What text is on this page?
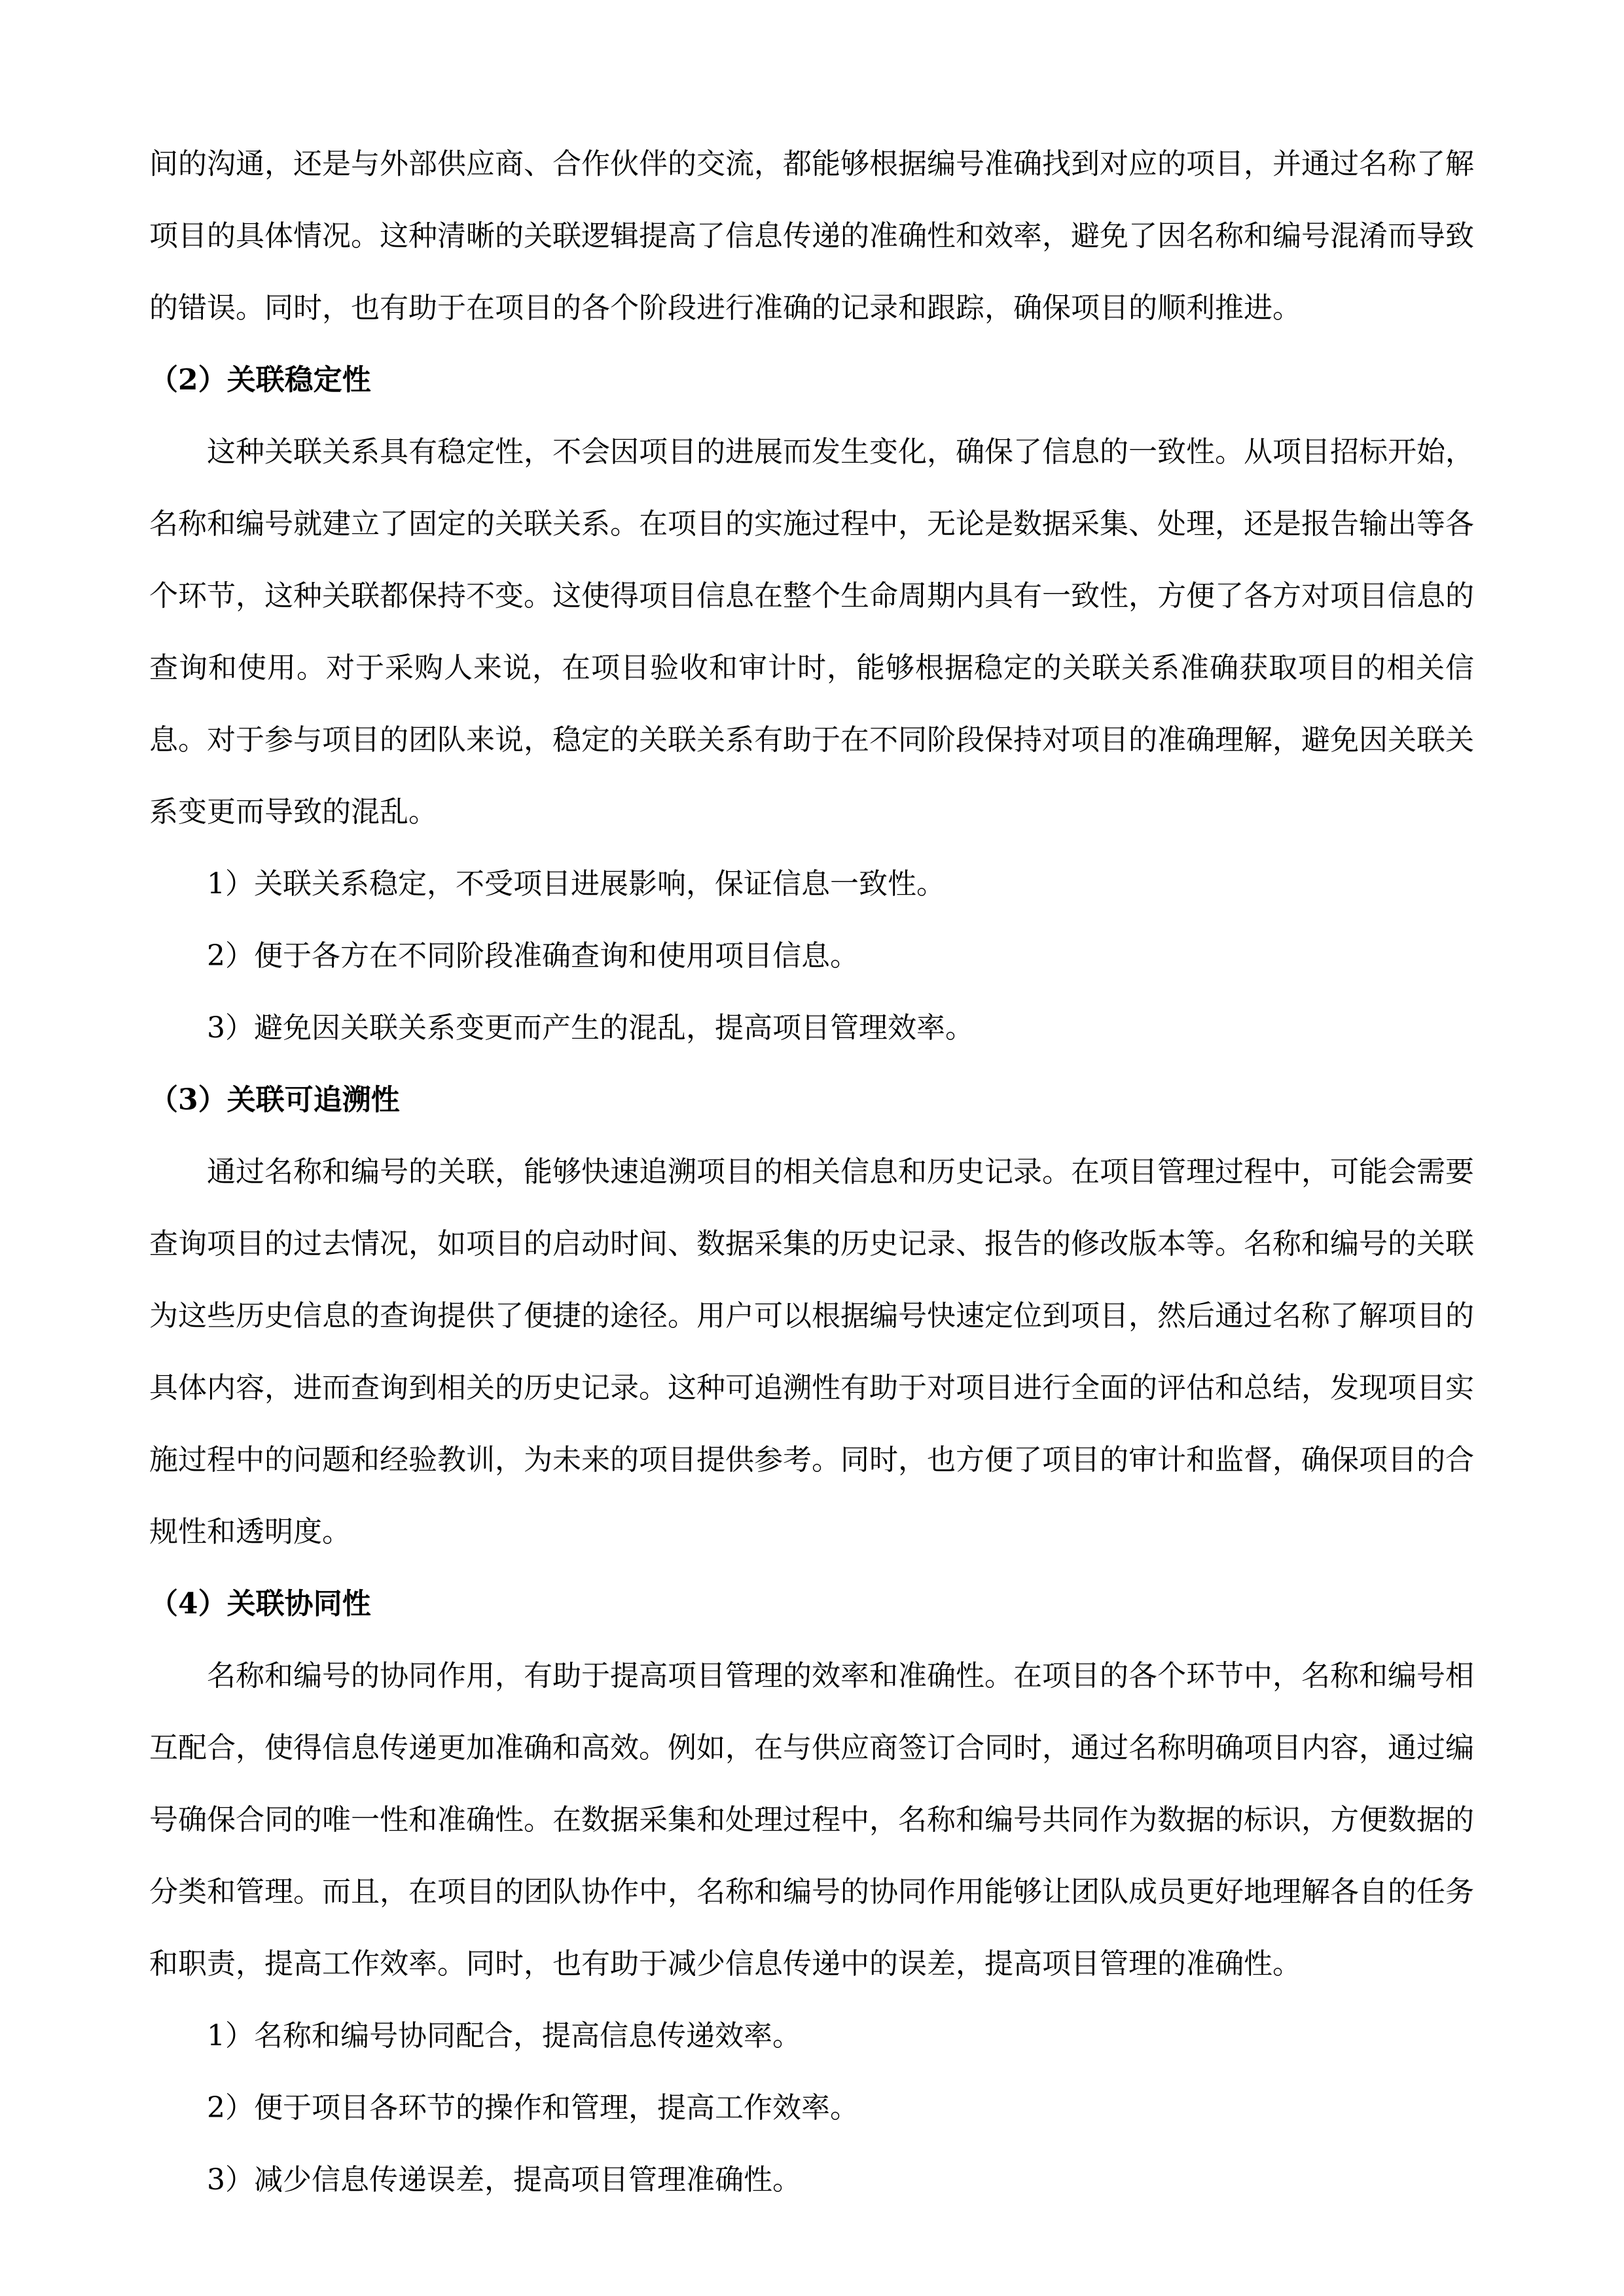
间的沟通，还是与外部供应商、合作伙伴的交流，都能够根据编号准确找到对应的项目，并通过名称了解项目的具体情况。这种清晰的关联逻辑提高了信息传递的准确性和效率，避免了因名称和编号混淆而导致的错误。同时，也有助于在项目的各个阶段进行准确的记录和跟踪，确保项目的顺利推进。

（2）关联稳定性

这种关联关系具有稳定性，不会因项目的进展而发生变化，确保了信息的一致性。从项目招标开始，名称和编号就建立了固定的关联关系。在项目的实施过程中，无论是数据采集、处理，还是报告输出等各个环节，这种关联都保持不变。这使得项目信息在整个生命周期内具有一致性，方便了各方对项目信息的查询和使用。对于采购人来说，在项目验收和审计时，能够根据稳定的关联关系准确获取项目的相关信息。对于参与项目的团队来说，稳定的关联关系有助于在不同阶段保持对项目的准确理解，避免因关联关系变更而导致的混乱。

1）关联关系稳定，不受项目进展影响，保证信息一致性。

2）便于各方在不同阶段准确查询和使用项目信息。

3）避免因关联关系变更而产生的混乱，提高项目管理效率。

（3）关联可追溯性

通过名称和编号的关联，能够快速追溯项目的相关信息和历史记录。在项目管理过程中，可能会需要查询项目的过去情况，如项目的启动时间、数据采集的历史记录、报告的修改版本等。名称和编号的关联为这些历史信息的查询提供了便捷的途径。用户可以根据编号快速定位到项目，然后通过名称了解项目的具体内容，进而查询到相关的历史记录。这种可追溯性有助于对项目进行全面的评估和总结，发现项目实施过程中的问题和经验教训，为未来的项目提供参考。同时，也方便了项目的审计和监督，确保项目的合规性和透明度。

（4）关联协同性

名称和编号的协同作用，有助于提高项目管理的效率和准确性。在项目的各个环节中，名称和编号相互配合，使得信息传递更加准确和高效。例如，在与供应商签订合同时，通过名称明确项目内容，通过编号确保合同的唯一性和准确性。在数据采集和处理过程中，名称和编号共同作为数据的标识，方便数据的分类和管理。而且，在项目的团队协作中，名称和编号的协同作用能够让团队成员更好地理解各自的任务和职责，提高工作效率。同时，也有助于减少信息传递中的误差，提高项目管理的准确性。

1）名称和编号协同配合，提高信息传递效率。

2）便于项目各环节的操作和管理，提高工作效率。

3）减少信息传递误差，提高项目管理准确性。
